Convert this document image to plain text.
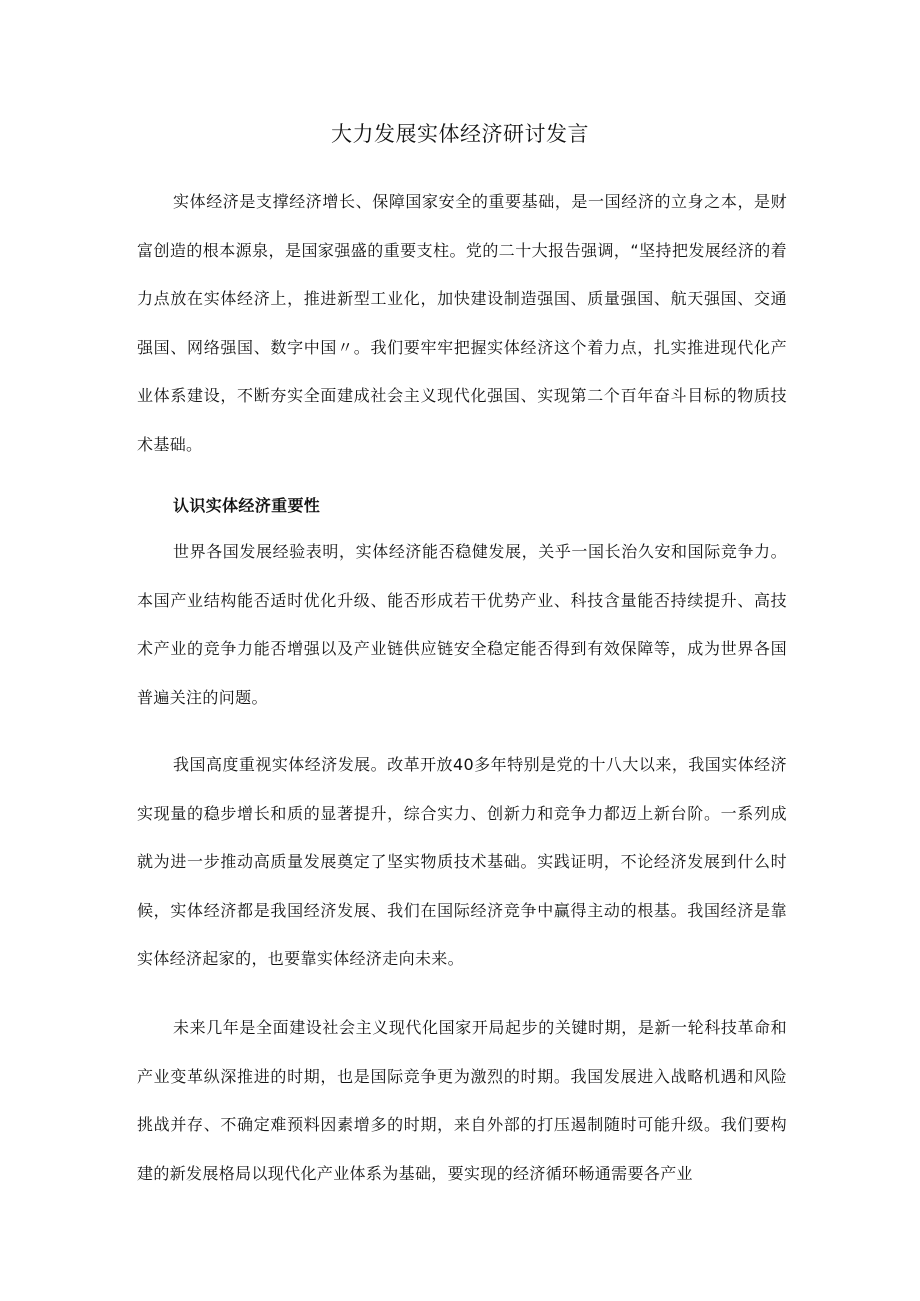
大力发展实体经济研讨发言

实体经济是支撑经济增长、保障国家安全的重要基础，是一国经济的立身之本，是财富创造的根本源泉，是国家强盛的重要支柱。党的二十大报告强调，“坚持把发展经济的着力点放在实体经济上，推进新型工业化，加快建设制造强国、质量强国、航天强国、交通强国、网络强国、数字中国〃。我们要牢牢把握实体经济这个着力点，扎实推进现代化产业体系建设，不断夯实全面建成社会主义现代化强国、实现第二个百年奋斗目标的物质技术基础。

认识实体经济重要性

世界各国发展经验表明，实体经济能否稳健发展，关乎一国长治久安和国际竞争力。本国产业结构能否适时优化升级、能否形成若干优势产业、科技含量能否持续提升、高技术产业的竞争力能否增强以及产业链供应链安全稳定能否得到有效保障等，成为世界各国普遍关注的问题。

我国高度重视实体经济发展。改革开放40多年特别是党的十八大以来，我国实体经济实现量的稳步增长和质的显著提升，综合实力、创新力和竞争力都迈上新台阶。一系列成就为进一步推动高质量发展奠定了坚实物质技术基础。实践证明，不论经济发展到什么时候，实体经济都是我国经济发展、我们在国际经济竞争中赢得主动的根基。我国经济是靠实体经济起家的，也要靠实体经济走向未来。

未来几年是全面建设社会主义现代化国家开局起步的关键时期，是新一轮科技革命和产业变革纵深推进的时期，也是国际竞争更为激烈的时期。我国发展进入战略机遇和风险挑战并存、不确定难预料因素增多的时期，来自外部的打压遏制随时可能升级。我们要构建的新发展格局以现代化产业体系为基础，要实现的经济循环畅通需要各产业
